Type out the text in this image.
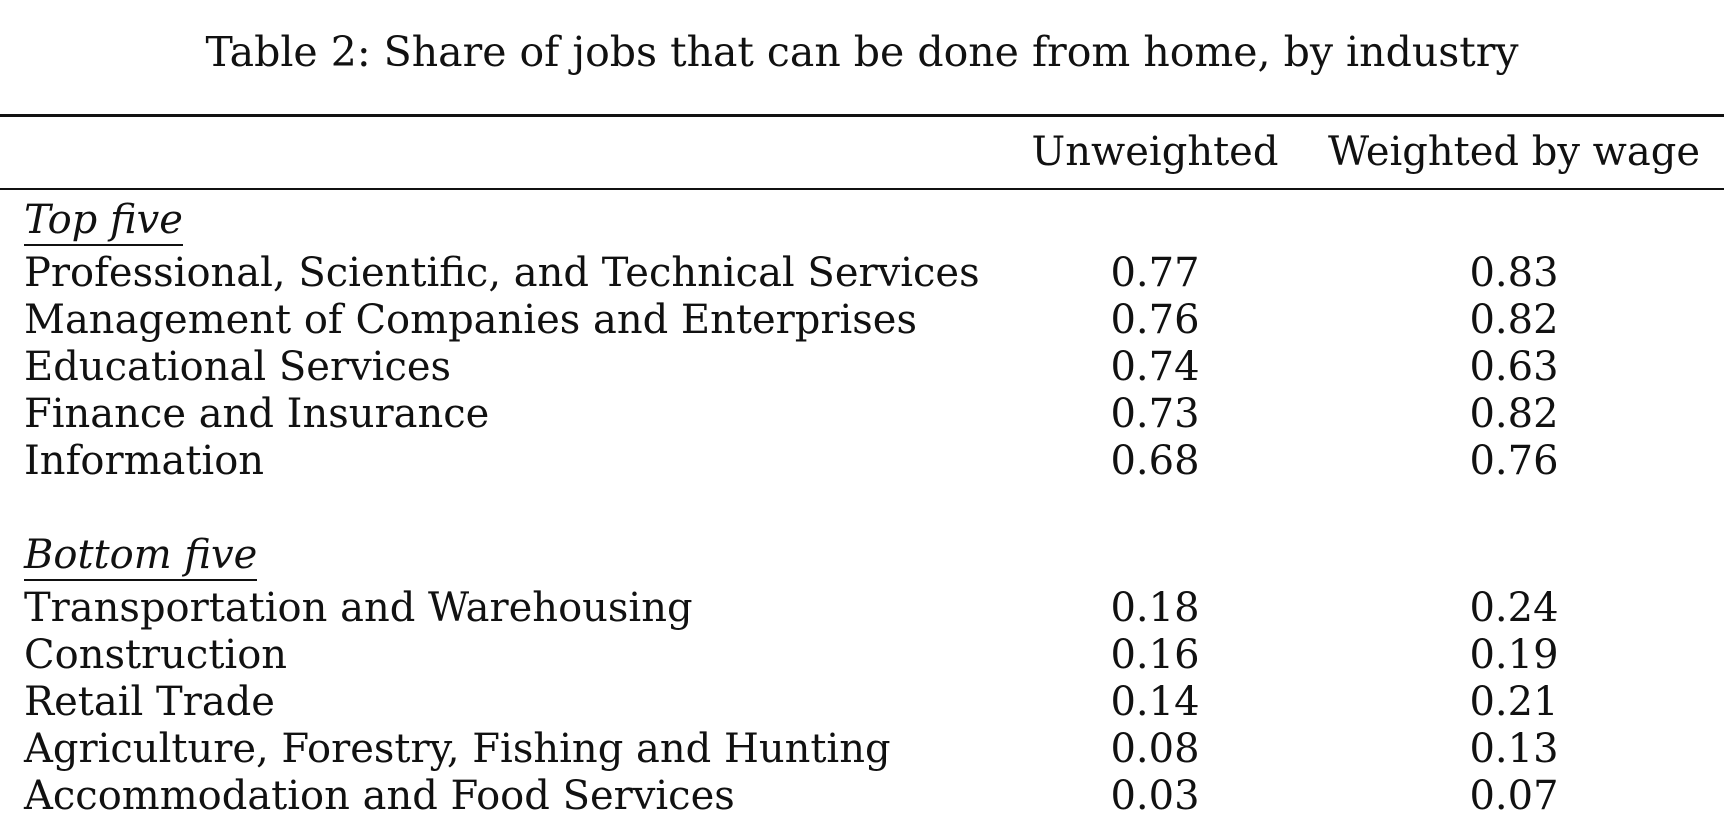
Table 2: Share of jobs that can be done from home, by industry
Unweighted Weighted by wage
Top five
Professional, Scientific, and Technical Services	0.77	0.83
Management of Companies and Enterprises	0.76	0.82
Educational Services	0.74	0.63
Finance and Insurance	0.73	0.82
Information	0.68	0.76
Bottom five
Transportation and Warehousing	0.18	0.24
Construction	0.16	0.19
Retail Trade	0.14	0.21
Agriculture, Forestry, Fishing and Hunting	0.08	0.13
Accommodation and Food Services	0.03	0.07
